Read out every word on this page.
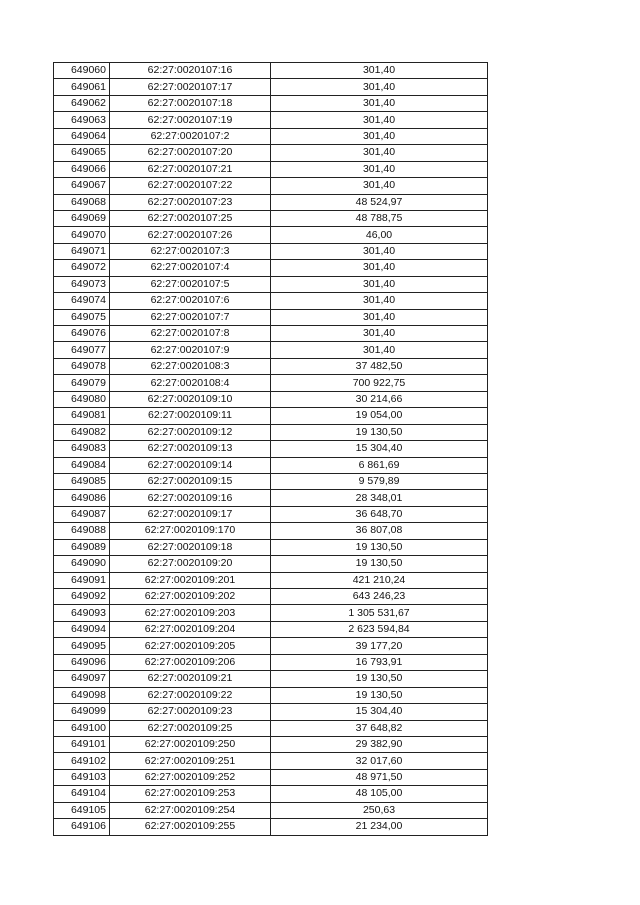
649060	62:27:0020107:16	301,40
649061	62:27:0020107:17	301,40
649062	62:27:0020107:18	301,40
649063	62:27:0020107:19	301,40
649064	62:27:0020107:2	301,40
649065	62:27:0020107:20	301,40
649066	62:27:0020107:21	301,40
649067	62:27:0020107:22	301,40
649068	62:27:0020107:23	48 524,97
649069	62:27:0020107:25	48 788,75
649070	62:27:0020107:26	46,00
649071	62:27:0020107:3	301,40
649072	62:27:0020107:4	301,40
649073	62:27:0020107:5	301,40
649074	62:27:0020107:6	301,40
649075	62:27:0020107:7	301,40
649076	62:27:0020107:8	301,40
649077	62:27:0020107:9	301,40
649078	62:27:0020108:3	37 482,50
649079	62:27:0020108:4	700 922,75
649080	62:27:0020109:10	30 214,66
649081	62:27:0020109:11	19 054,00
649082	62:27:0020109:12	19 130,50
649083	62:27:0020109:13	15 304,40
649084	62:27:0020109:14	6 861,69
649085	62:27:0020109:15	9 579,89
649086	62:27:0020109:16	28 348,01
649087	62:27:0020109:17	36 648,70
649088	62:27:0020109:170	36 807,08
649089	62:27:0020109:18	19 130,50
649090	62:27:0020109:20	19 130,50
649091	62:27:0020109:201	421 210,24
649092	62:27:0020109:202	643 246,23
649093	62:27:0020109:203	1 305 531,67
649094	62:27:0020109:204	2 623 594,84
649095	62:27:0020109:205	39 177,20
649096	62:27:0020109:206	16 793,91
649097	62:27:0020109:21	19 130,50
649098	62:27:0020109:22	19 130,50
649099	62:27:0020109:23	15 304,40
649100	62:27:0020109:25	37 648,82
649101	62:27:0020109:250	29 382,90
649102	62:27:0020109:251	32 017,60
649103	62:27:0020109:252	48 971,50
649104	62:27:0020109:253	48 105,00
649105	62:27:0020109:254	250,63
649106	62:27:0020109:255	21 234,00
